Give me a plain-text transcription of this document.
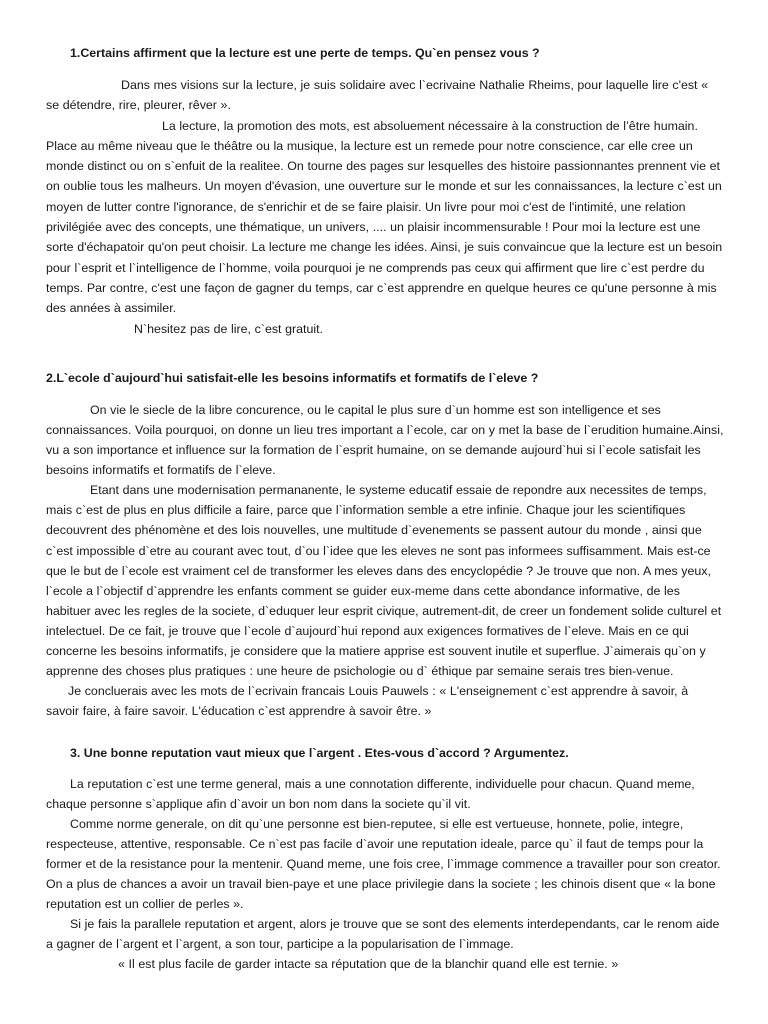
1.Certains affirment que la lecture est une perte de temps. Qu`en pensez vous ?

Dans mes visions sur la lecture, je suis solidaire avec l`ecrivaine Nathalie Rheims, pour laquelle lire c'est « se détendre, rire, pleurer, rêver ».

La lecture, la promotion des mots, est absoluement nécessaire à la construction de l’être humain. Place au même niveau que le théâtre ou la musique, la lecture est un remede pour notre conscience, car elle cree un monde distinct ou on s`enfuit de la realitee. On tourne des pages sur lesquelles des histoire passionnantes prennent vie et on oublie tous les malheurs. Un moyen d'évasion, une ouverture sur le monde et sur les connaissances, la lecture c`est un moyen de lutter contre l'ignorance, de s'enrichir et de se faire plaisir. Un livre pour moi c'est de l'intimité, une relation privilégiée avec des concepts, une thématique, un univers, .... un plaisir incommensurable ! Pour moi la lecture est une sorte d'échapatoir qu'on peut choisir. La lecture me change les idées. Ainsi, je suis convaincue que la lecture est un besoin pour l`esprit et l`intelligence de l`homme, voila pourquoi je ne comprends pas ceux qui affirment que lire c`est perdre du temps. Par contre, c'est une façon de gagner du temps, car c`est apprendre en quelque heures ce qu'une personne à mis des années à assimiler.

N`hesitez pas de lire, c`est gratuit.

2.L`ecole d`aujourd`hui satisfait-elle les besoins informatifs et formatifs de l`eleve ?

On vie le siecle de la libre concurence, ou le capital le plus sure d`un homme est son intelligence et ses connaissances. Voila pourquoi, on donne un lieu tres important a l`ecole, car on y met la base de l`erudition humaine.Ainsi, vu a son importance et influence sur la formation de l`esprit humaine, on se demande aujourd`hui si l`ecole satisfait les besoins informatifs et formatifs de l`eleve.

Etant dans une modernisation permananente, le systeme educatif essaie de repondre aux necessites de temps, mais c`est de plus en plus difficile a faire, parce que l`information semble a etre infinie. Chaque jour les scientifiques decouvrent des phénomène et des lois nouvelles, une multitude d`evenements se passent autour du monde , ainsi que c`est impossible d`etre au courant avec tout, d`ou l`idee que les eleves ne sont pas informees suffisamment. Mais est-ce que le but de l`ecole est vraiment cel de transformer les eleves dans des encyclopédie ? Je trouve que non. A mes yeux, l`ecole a l`objectif d`apprendre les enfants comment se guider eux-meme dans cette abondance informative, de les habituer avec les regles de la societe, d`eduquer leur esprit civique, autrement-dit, de creer un fondement solide culturel et intelectuel. De ce fait, je trouve que l`ecole d`aujourd`hui repond aux exigences formatives de l`eleve. Mais en ce qui concerne les besoins informatifs, je considere que la matiere apprise est souvent inutile et superflue. J`aimerais qu`on y apprenne des choses plus pratiques : une heure de psichologie ou d` éthique par semaine serais tres bien-venue.

Je concluerais avec les mots de l`ecrivain francais Louis Pauwels : « L'enseignement c`est apprendre à savoir, à savoir faire, à faire savoir. L'éducation c`est apprendre à savoir être. »

3. Une bonne reputation vaut mieux que l`argent . Etes-vous d`accord ? Argumentez.

La reputation c`est une terme general, mais a une connotation differente, individuelle pour chacun. Quand meme, chaque personne s`applique afin d`avoir un bon nom dans la societe qu`il vit.

Comme norme generale, on dit qu`une personne est bien-reputee, si elle est vertueuse, honnete, polie, integre, respecteuse, attentive, responsable. Ce n`est pas facile d`avoir une reputation ideale, parce qu` il faut de temps pour la former et de la resistance pour la mentenir. Quand meme, une fois cree, l`immage commence a travailler pour son creator. On a plus de chances a avoir un travail bien-paye et une place privilegie dans la societe ; les chinois disent que « la bone reputation est un collier de perles ».

Si je fais la parallele reputation et argent, alors je trouve que se sont des elements interdependants, car le renom aide a gagner de l`argent et l`argent, a son tour, participe a la popularisation de l`immage.

« Il est plus facile de garder intacte sa réputation que de la blanchir quand elle est ternie. »
